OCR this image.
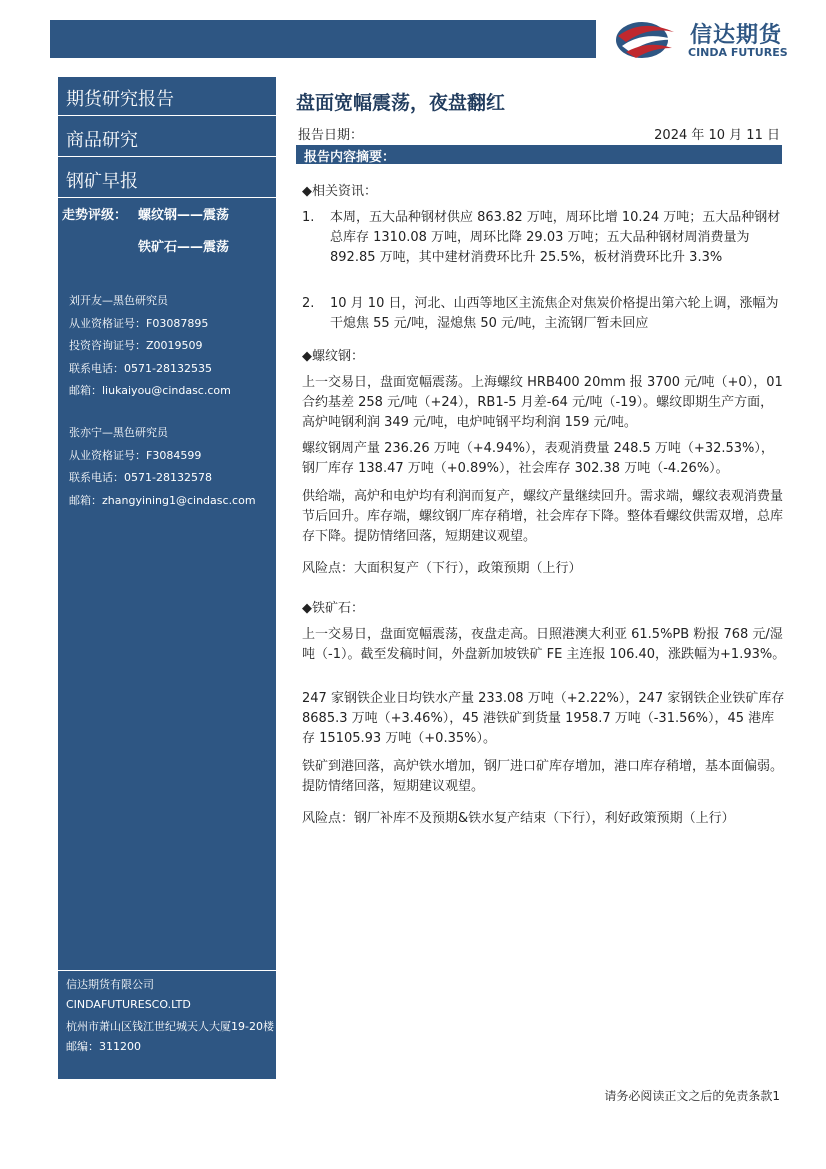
信达期货
CINDA FUTURES
期货研究报告
商品研究
钢矿早报
走势评级： 螺纹钢——震荡
铁矿石——震荡
刘开友—黑色研究员
从业资格证号：F03087895
投资咨询证号：Z0019509
联系电话：0571-28132535
邮箱：liukaiyou@cindasc.com
张亦宁—黑色研究员
从业资格证号：F3084599
联系电话：0571-28132578
邮箱：zhangyining1@cindasc.com
信达期货有限公司
CINDAFUTURESCO.LTD
杭州市萧山区钱江世纪城天人大厦19-20楼
邮编：311200
盘面宽幅震荡，夜盘翻红
报告日期：	2024 年 10 月 11 日
报告内容摘要：
◆相关资讯：
1. 本周，五大品种钢材供应 863.82 万吨，周环比增 10.24 万吨；五大品种钢材总库存 1310.08 万吨，周环比降 29.03 万吨；五大品种钢材周消费量为 892.85 万吨，其中建材消费环比升 25.5%，板材消费环比升 3.3%
2. 10 月 10 日，河北、山西等地区主流焦企对焦炭价格提出第六轮上调，涨幅为干熄焦 55 元/吨，湿熄焦 50 元/吨，主流钢厂暂未回应
◆螺纹钢：
上一交易日，盘面宽幅震荡。上海螺纹 HRB400 20mm 报 3700 元/吨（+0），01 合约基差 258 元/吨（+24），RB1-5 月差-64 元/吨（-19）。螺纹即期生产方面，高炉吨钢利润 349 元/吨，电炉吨钢平均利润 159 元/吨。
螺纹钢周产量 236.26 万吨（+4.94%），表观消费量 248.5 万吨（+32.53%），钢厂库存 138.47 万吨（+0.89%），社会库存 302.38 万吨（-4.26%）。
供给端，高炉和电炉均有利润而复产，螺纹产量继续回升。需求端，螺纹表观消费量节后回升。库存端，螺纹钢厂库存稍增，社会库存下降。整体看螺纹供需双增，总库存下降。提防情绪回落，短期建议观望。
风险点：大面积复产（下行），政策预期（上行）
◆铁矿石：
上一交易日，盘面宽幅震荡，夜盘走高。日照港澳大利亚 61.5%PB 粉报 768 元/湿吨（-1）。截至发稿时间，外盘新加坡铁矿 FE 主连报 106.40，涨跌幅为+1.93%。
247 家钢铁企业日均铁水产量 233.08 万吨（+2.22%），247 家钢铁企业铁矿库存 8685.3 万吨（+3.46%），45 港铁矿到货量 1958.7 万吨（-31.56%），45 港库存 15105.93 万吨（+0.35%）。
铁矿到港回落，高炉铁水增加，钢厂进口矿库存增加，港口库存稍增，基本面偏弱。提防情绪回落，短期建议观望。
风险点：钢厂补库不及预期&铁水复产结束（下行），利好政策预期（上行）
请务必阅读正文之后的免责条款1
